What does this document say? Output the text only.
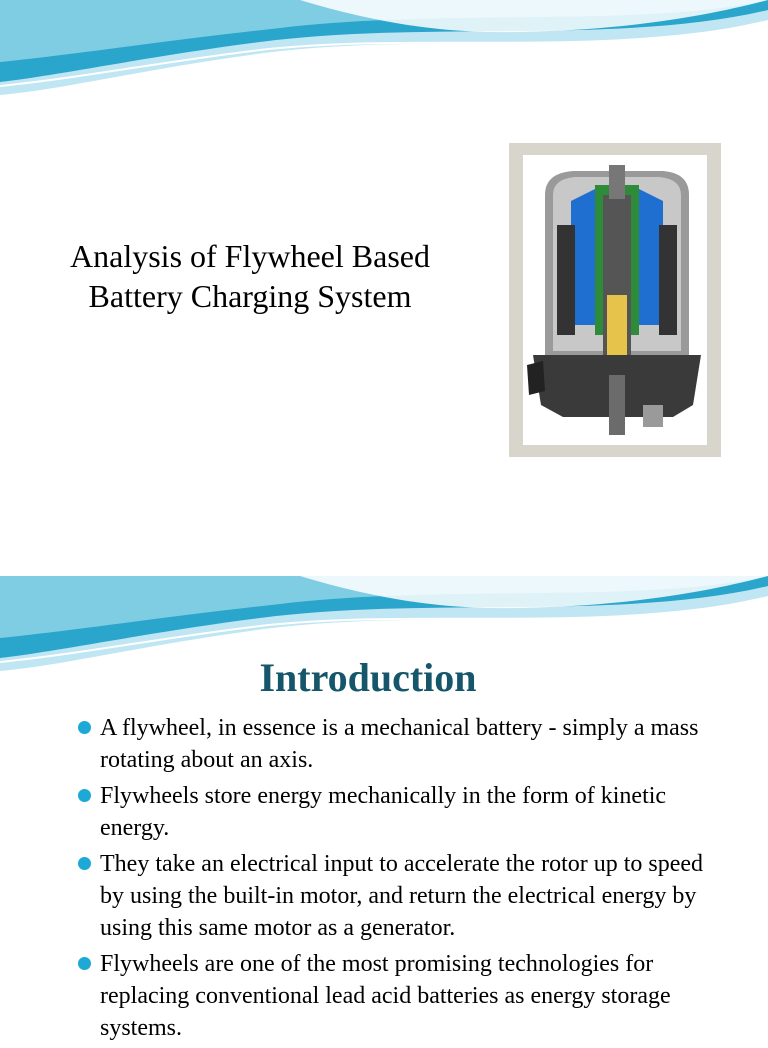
Analysis of Flywheel Based
Battery Charging System
Introduction
A flywheel, in essence is a mechanical battery - simply a mass rotating about an axis.
Flywheels store energy mechanically in the form of kinetic energy.
They take an electrical input to accelerate the rotor up to speed by using the built-in motor, and return the electrical energy by using this same motor as a generator.
Flywheels are one of the most promising technologies for replacing conventional lead acid batteries as energy storage systems.
